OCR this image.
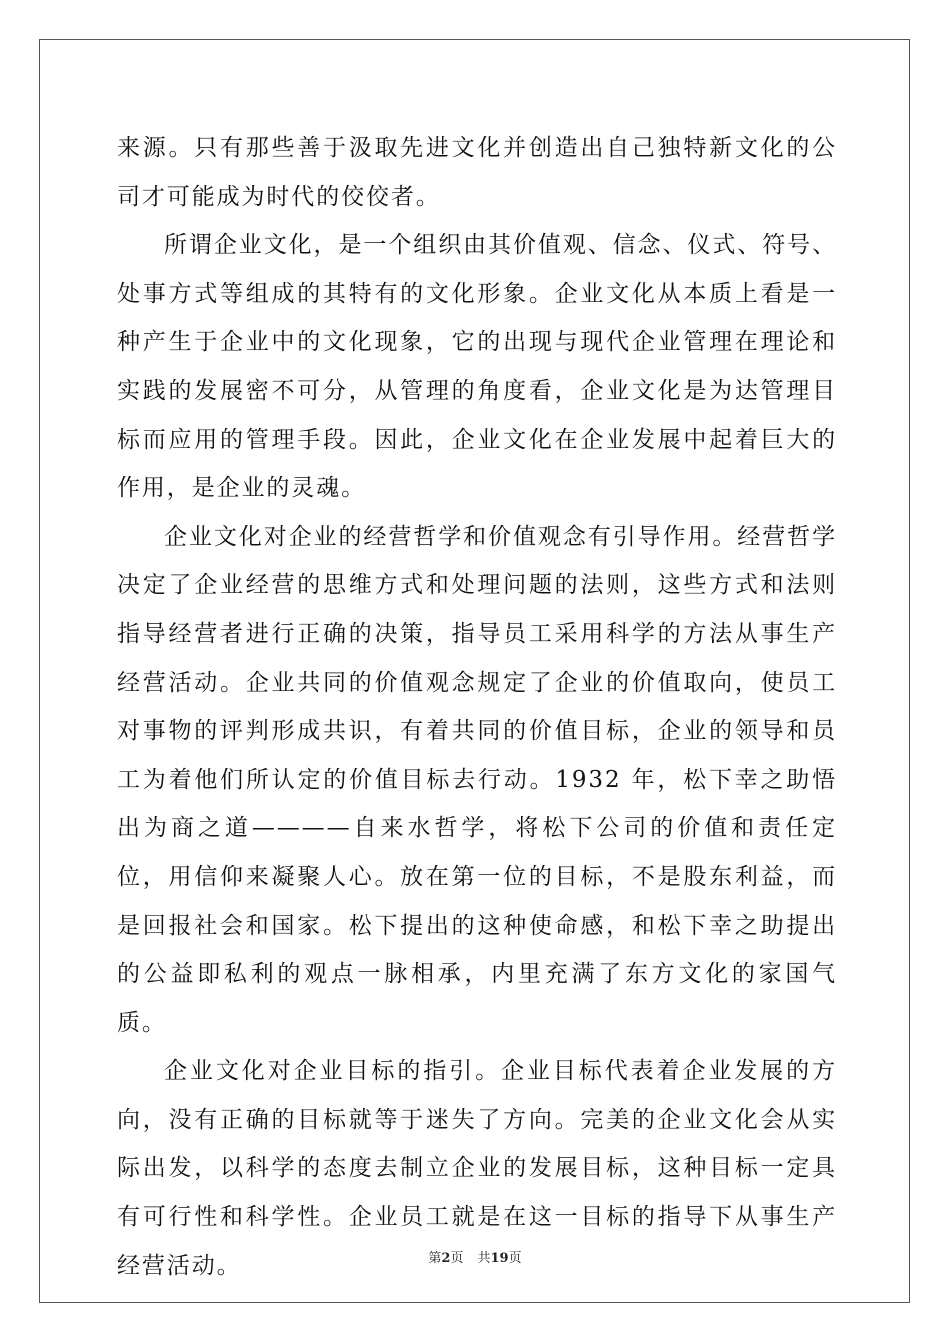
来源。只有那些善于汲取先进文化并创造出自己独特新文化的公司才可能成为时代的佼佼者。

所谓企业文化，是一个组织由其价值观、信念、仪式、符号、处事方式等组成的其特有的文化形象。企业文化从本质上看是一种产生于企业中的文化现象，它的出现与现代企业管理在理论和实践的发展密不可分，从管理的角度看，企业文化是为达管理目标而应用的管理手段。因此，企业文化在企业发展中起着巨大的作用，是企业的灵魂。

企业文化对企业的经营哲学和价值观念有引导作用。经营哲学决定了企业经营的思维方式和处理问题的法则，这些方式和法则指导经营者进行正确的决策，指导员工采用科学的方法从事生产经营活动。企业共同的价值观念规定了企业的价值取向，使员工对事物的评判形成共识，有着共同的价值目标，企业的领导和员工为着他们所认定的价值目标去行动。1932 年，松下幸之助悟出为商之道————自来水哲学，将松下公司的价值和责任定位，用信仰来凝聚人心。放在第一位的目标，不是股东利益，而是回报社会和国家。松下提出的这种使命感，和松下幸之助提出的公益即私利的观点一脉相承，内里充满了东方文化的家国气质。

企业文化对企业目标的指引。企业目标代表着企业发展的方向，没有正确的目标就等于迷失了方向。完美的企业文化会从实际出发，以科学的态度去制立企业的发展目标，这种目标一定具有可行性和科学性。企业员工就是在这一目标的指导下从事生产经营活动。	第2页 共19页
